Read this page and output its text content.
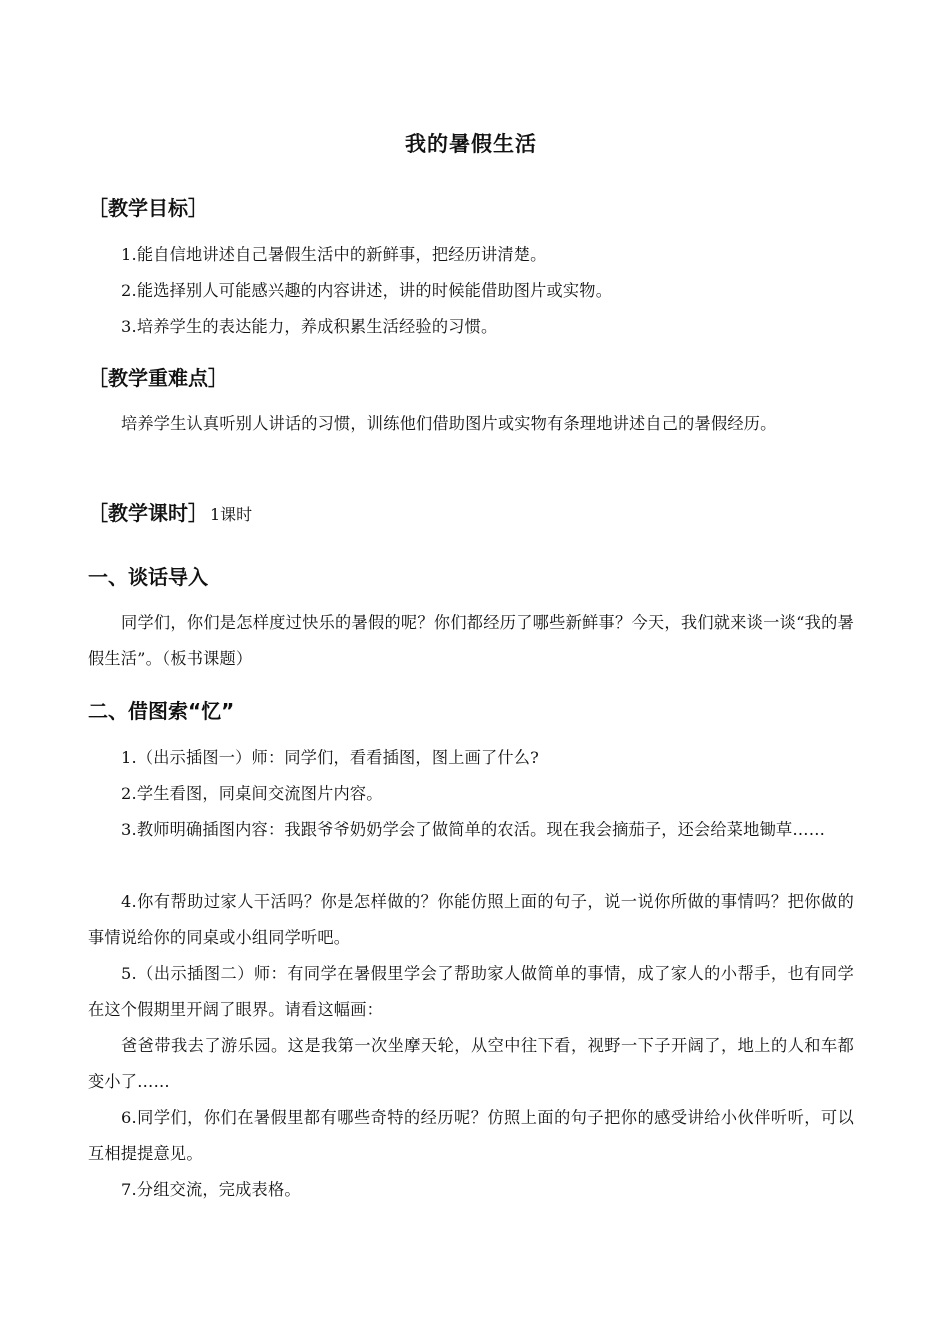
我的暑假生活
［教学目标］

1.能自信地讲述自己暑假生活中的新鲜事，把经历讲清楚。

2.能选择别人可能感兴趣的内容讲述，讲的时候能借助图片或实物。

3.培养学生的表达能力，养成积累生活经验的习惯。

［教学重难点］

培养学生认真听别人讲话的习惯，训练他们借助图片或实物有条理地讲述自己的暑假经历。

［教学课时］ 1课时
一、谈话导入

同学们，你们是怎样度过快乐的暑假的呢？你们都经历了哪些新鲜事？今天，我们就来谈一谈“我的暑假生活”。（板书课题）

二、借图索“忆”

1.（出示插图一）师：同学们，看看插图，图上画了什么?

2.学生看图，同桌间交流图片内容。

3.教师明确插图内容：我跟爷爷奶奶学会了做简单的农活。现在我会摘茄子，还会给菜地锄草……

4.你有帮助过家人干活吗？你是怎样做的？你能仿照上面的句子，说一说你所做的事情吗？把你做的事情说给你的同桌或小组同学听吧。

5.（出示插图二）师：有同学在暑假里学会了帮助家人做简单的事情，成了家人的小帮手，也有同学在这个假期里开阔了眼界。请看这幅画：

爸爸带我去了游乐园。这是我第一次坐摩天轮，从空中往下看，视野一下子开阔了，地上的人和车都变小了……

6.同学们，你们在暑假里都有哪些奇特的经历呢？仿照上面的句子把你的感受讲给小伙伴听听，可以互相提提意见。

7.分组交流，完成表格。
